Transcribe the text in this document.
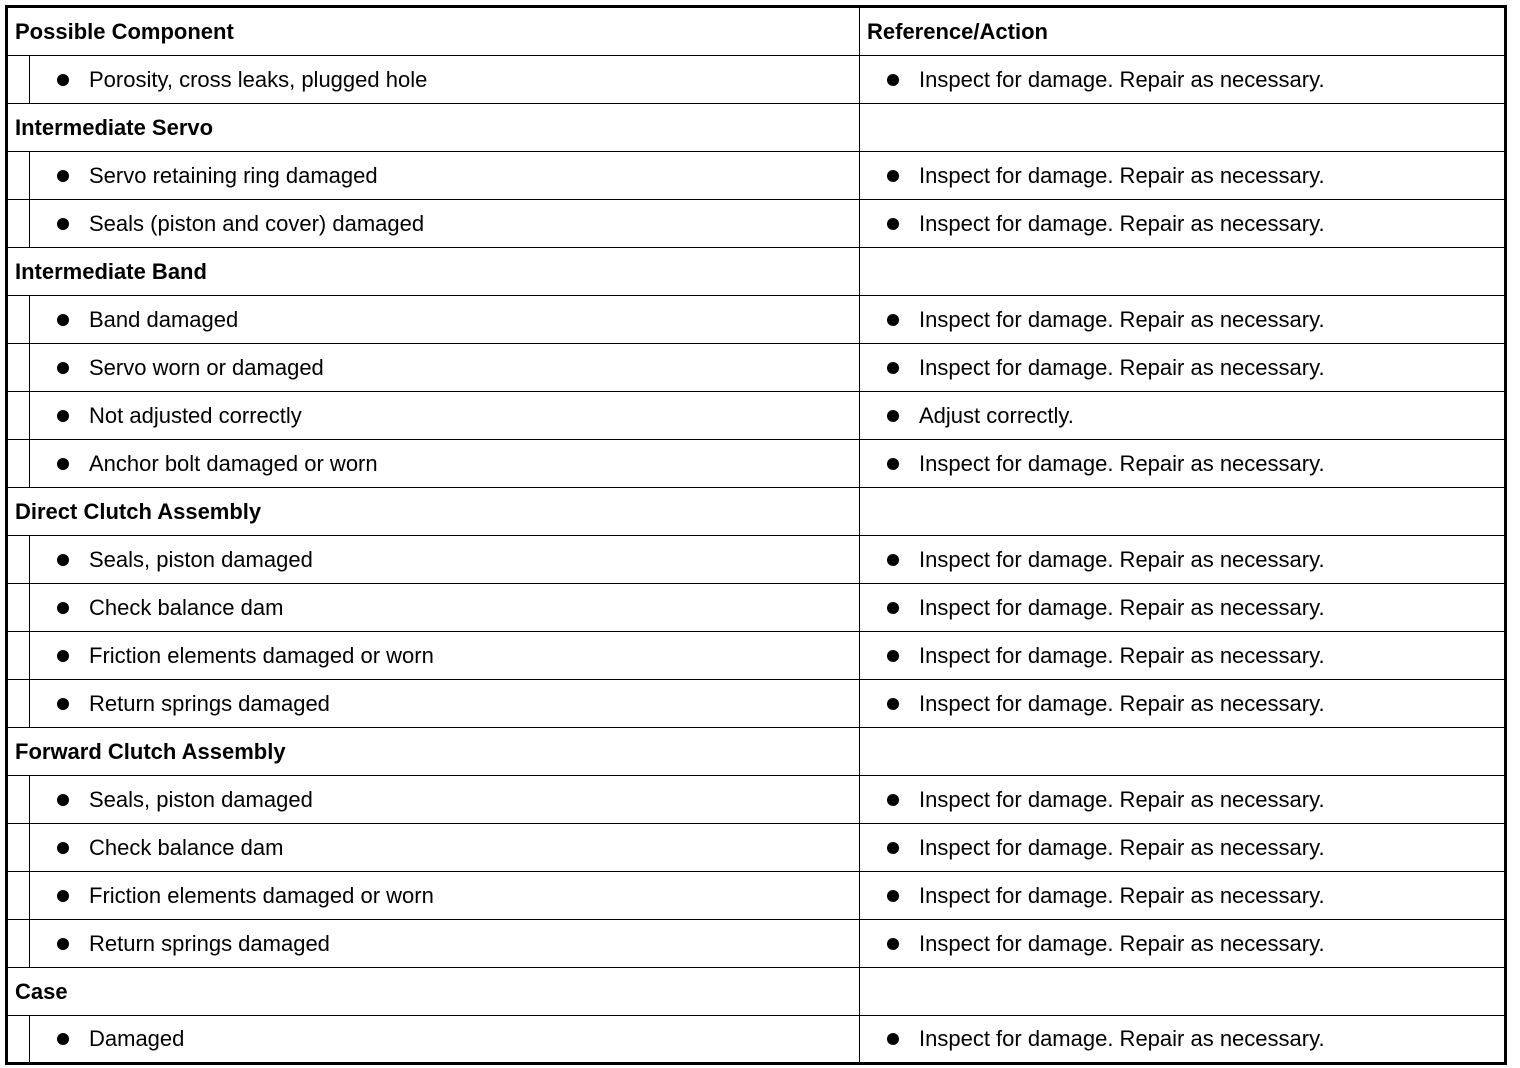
Possible Component	Reference/Action
Porosity, cross leaks, plugged hole	Inspect for damage. Repair as necessary.
Intermediate Servo
Servo retaining ring damaged	Inspect for damage. Repair as necessary.
Seals (piston and cover) damaged	Inspect for damage. Repair as necessary.
Intermediate Band
Band damaged	Inspect for damage. Repair as necessary.
Servo worn or damaged	Inspect for damage. Repair as necessary.
Not adjusted correctly	Adjust correctly.
Anchor bolt damaged or worn	Inspect for damage. Repair as necessary.
Direct Clutch Assembly
Seals, piston damaged	Inspect for damage. Repair as necessary.
Check balance dam	Inspect for damage. Repair as necessary.
Friction elements damaged or worn	Inspect for damage. Repair as necessary.
Return springs damaged	Inspect for damage. Repair as necessary.
Forward Clutch Assembly
Seals, piston damaged	Inspect for damage. Repair as necessary.
Check balance dam	Inspect for damage. Repair as necessary.
Friction elements damaged or worn	Inspect for damage. Repair as necessary.
Return springs damaged	Inspect for damage. Repair as necessary.
Case
Damaged	Inspect for damage. Repair as necessary.
